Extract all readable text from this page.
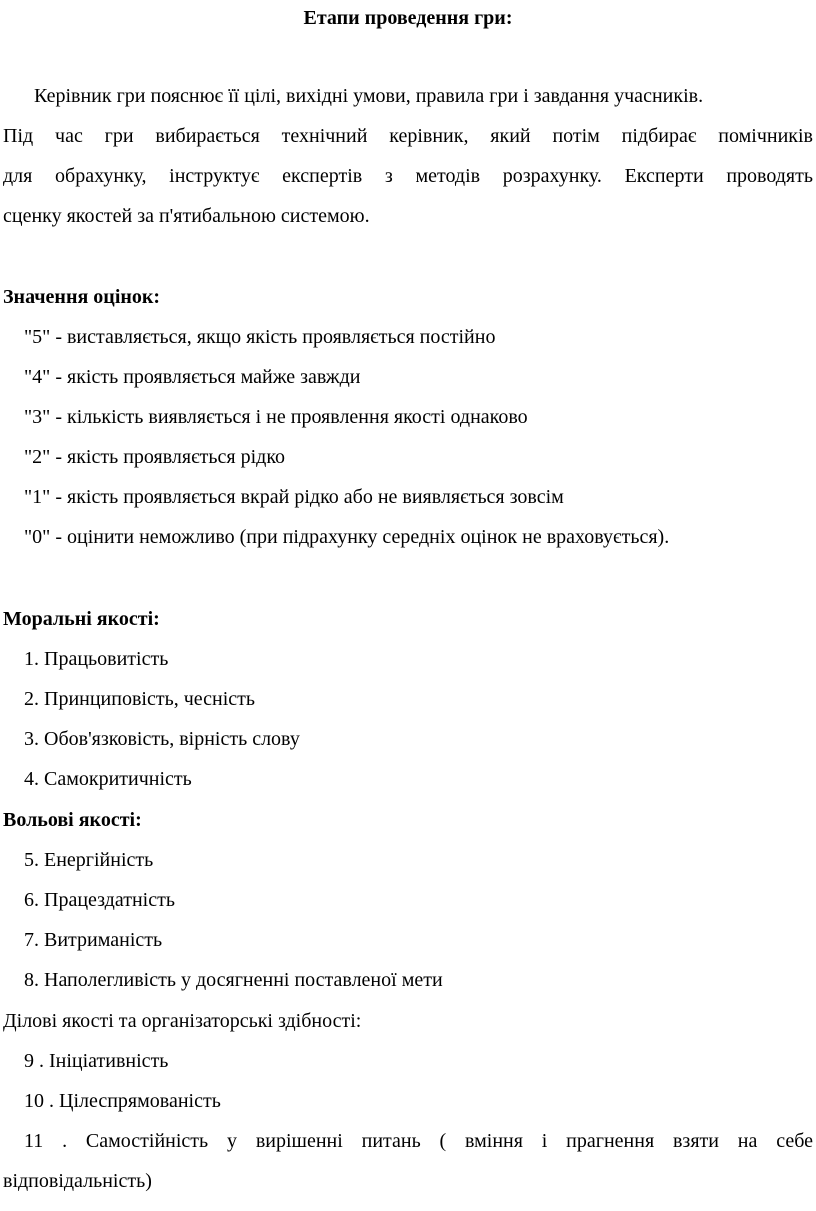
Етапи проведення гри:
Керівник гри пояснює її цілі, вихідні умови, правила гри і завдання учасників.
Під час гри вибирається технічний керівник, який потім підбирає помічників
для обрахунку, інструктує експертів з методів розрахунку. Експерти проводять
сценку якостей за п'ятибальною системою.
Значення оцінок:
"5" - виставляється, якщо якість проявляється постійно
"4" - якість проявляється майже завжди
"3" - кількість виявляється і не проявлення якості однаково
"2" - якість проявляється рідко
"1" - якість проявляється вкрай рідко або не виявляється зовсім
"0" - оцінити неможливо (при підрахунку середніх оцінок не враховується).
Моральні якості:
1. Працьовитість
2. Принциповість, чесність
3. Обов'язковість, вірність слову
4. Самокритичність
Вольові якості:
5. Енергійність
6. Працездатність
7. Витриманість
8. Наполегливість у досягненні поставленої мети
Ділові якості та організаторські здібності:
9 . Ініціативність
10 . Цілеспрямованість
11 . Самостійність у вирішенні питань ( вміння і прагнення взяти на себе
відповідальність)
